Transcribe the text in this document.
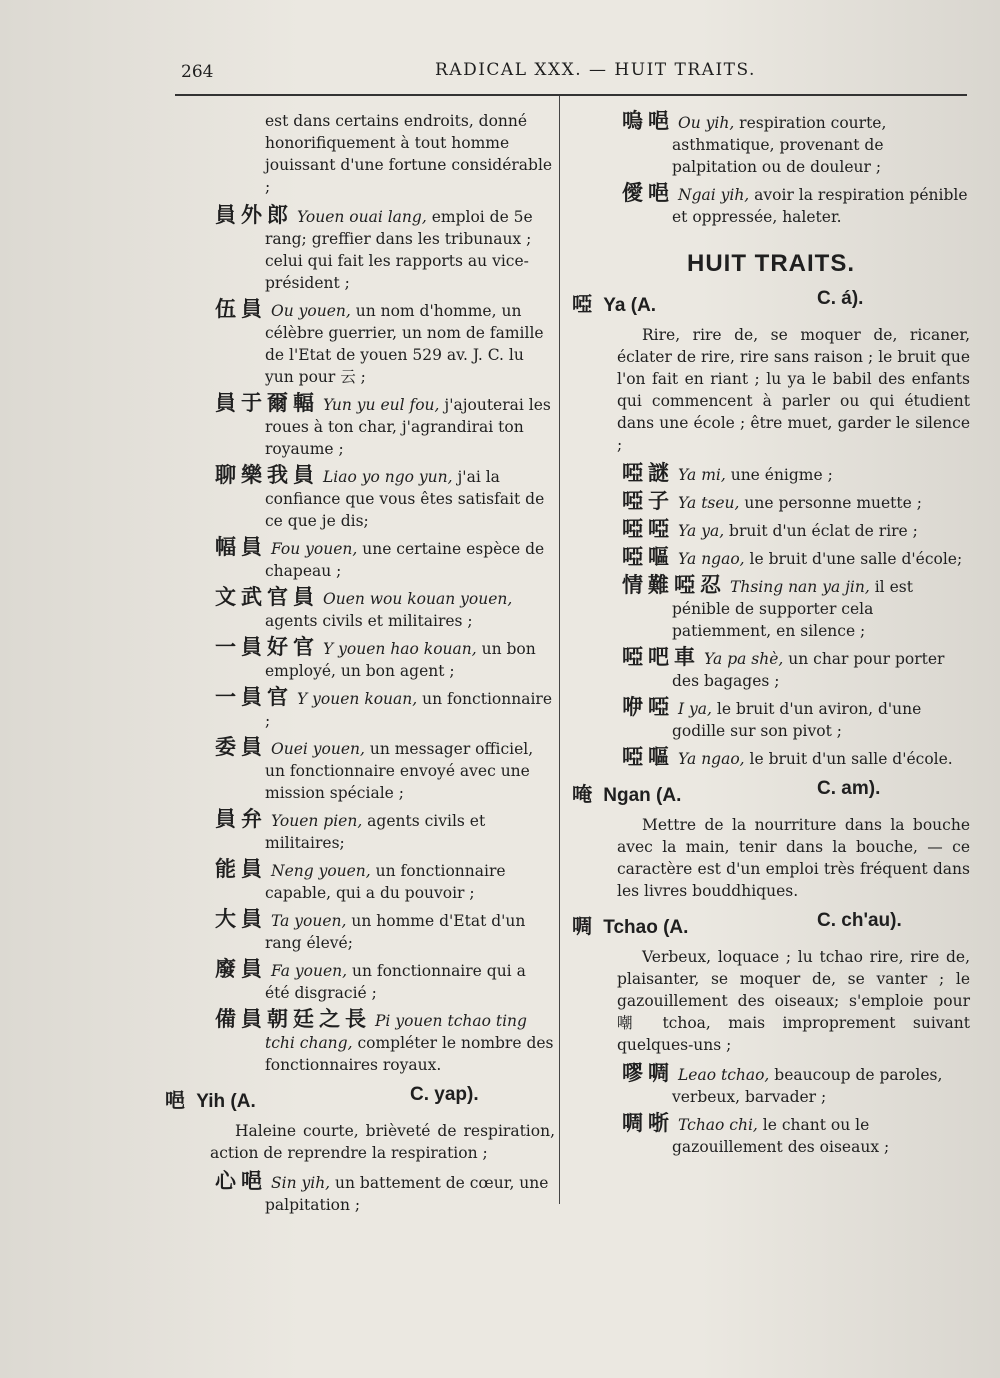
264	RADICAL XXX. — HUIT TRAITS.

est dans certains endroits, donné honorifiquement à tout homme jouissant d'une fortune considérable ;

員外郎 Youen ouai lang, emploi de 5e rang; greffier dans les tribunaux ; celui qui fait les rapports au vice-président ;
伍員 Ou youen, un nom d'homme, un célèbre guerrier, un nom de famille de l'Etat de youen 529 av. J. C. lu yun pour 云 ;
員于爾輻 Yun yu eul fou, j'ajouterai les roues à ton char, j'agrandirai ton royaume ;
聊樂我員 Liao yo ngo yun, j'ai la confiance que vous êtes satisfait de ce que je dis;
幅員 Fou youen, une certaine espèce de chapeau ;
文武官員 Ouen wou kouan youen, agents civils et militaires ;
一員好官 Y youen hao kouan, un bon employé, un bon agent ;
一員官 Y youen kouan, un fonctionnaire ;
委員 Ouei youen, un messager officiel, un fonctionnaire envoyé avec une mission spéciale ;
員弁 Youen pien, agents civils et militaires;
能員 Neng youen, un fonctionnaire capable, qui a du pouvoir ;
大員 Ta youen, un homme d'Etat d'un rang élevé;
廢員 Fa youen, un fonctionnaire qui a été disgracié ;
備員朝廷之長 Pi youen tchao ting tchi chang, compléter le nombre des fonctionnaires royaux.
唈 Yih (A.	C. yap).

Haleine courte, brièveté de respiration, action de reprendre la respiration ;

心唈 Sin yih, un battement de cœur, une palpitation ;
嗚唈 Ou yih, respiration courte, asthmatique, provenant de palpitation ou de douleur ;
僾唈 Ngai yih, avoir la respiration pénible et oppressée, haleter.
HUIT TRAITS.
啞 Ya (A.	C. á).

Rire, rire de, se moquer de, ricaner, éclater de rire, rire sans raison ; le bruit que l'on fait en riant ; lu ya le babil des enfants qui commencent à parler ou qui étudient dans une école ; être muet, garder le silence ;

啞謎 Ya mi, une énigme ;
啞子 Ya tseu, une personne muette ;
啞啞 Ya ya, bruit d'un éclat de rire ;
啞嘔 Ya ngao, le bruit d'une salle d'école;
情難啞忍 Thsing nan ya jin, il est pénible de supporter cela patiemment, en silence ;
啞吧車 Ya pa shè, un char pour porter des bagages ;
咿啞 I ya, le bruit d'un aviron, d'une godille sur son pivot ;
啞嘔 Ya ngao, le bruit d'un salle d'école.
唵 Ngan (A.	C. am).

Mettre de la nourriture dans la bouche avec la main, tenir dans la bouche, — ce caractère est d'un emploi très fréquent dans les livres bouddhiques.

啁 Tchao (A.	C. ch'au).

Verbeux, loquace ; lu tchao rire, rire de, plaisanter, se moquer de, se vanter ; le gazouillement des oiseaux; s'emploie pour 嘲 tchoa, mais improprement suivant quelques-uns ;

嘐啁 Leao tchao, beaucoup de paroles, verbeux, barvader ;
啁哳 Tchao chi, le chant ou le gazouillement des oiseaux ;
